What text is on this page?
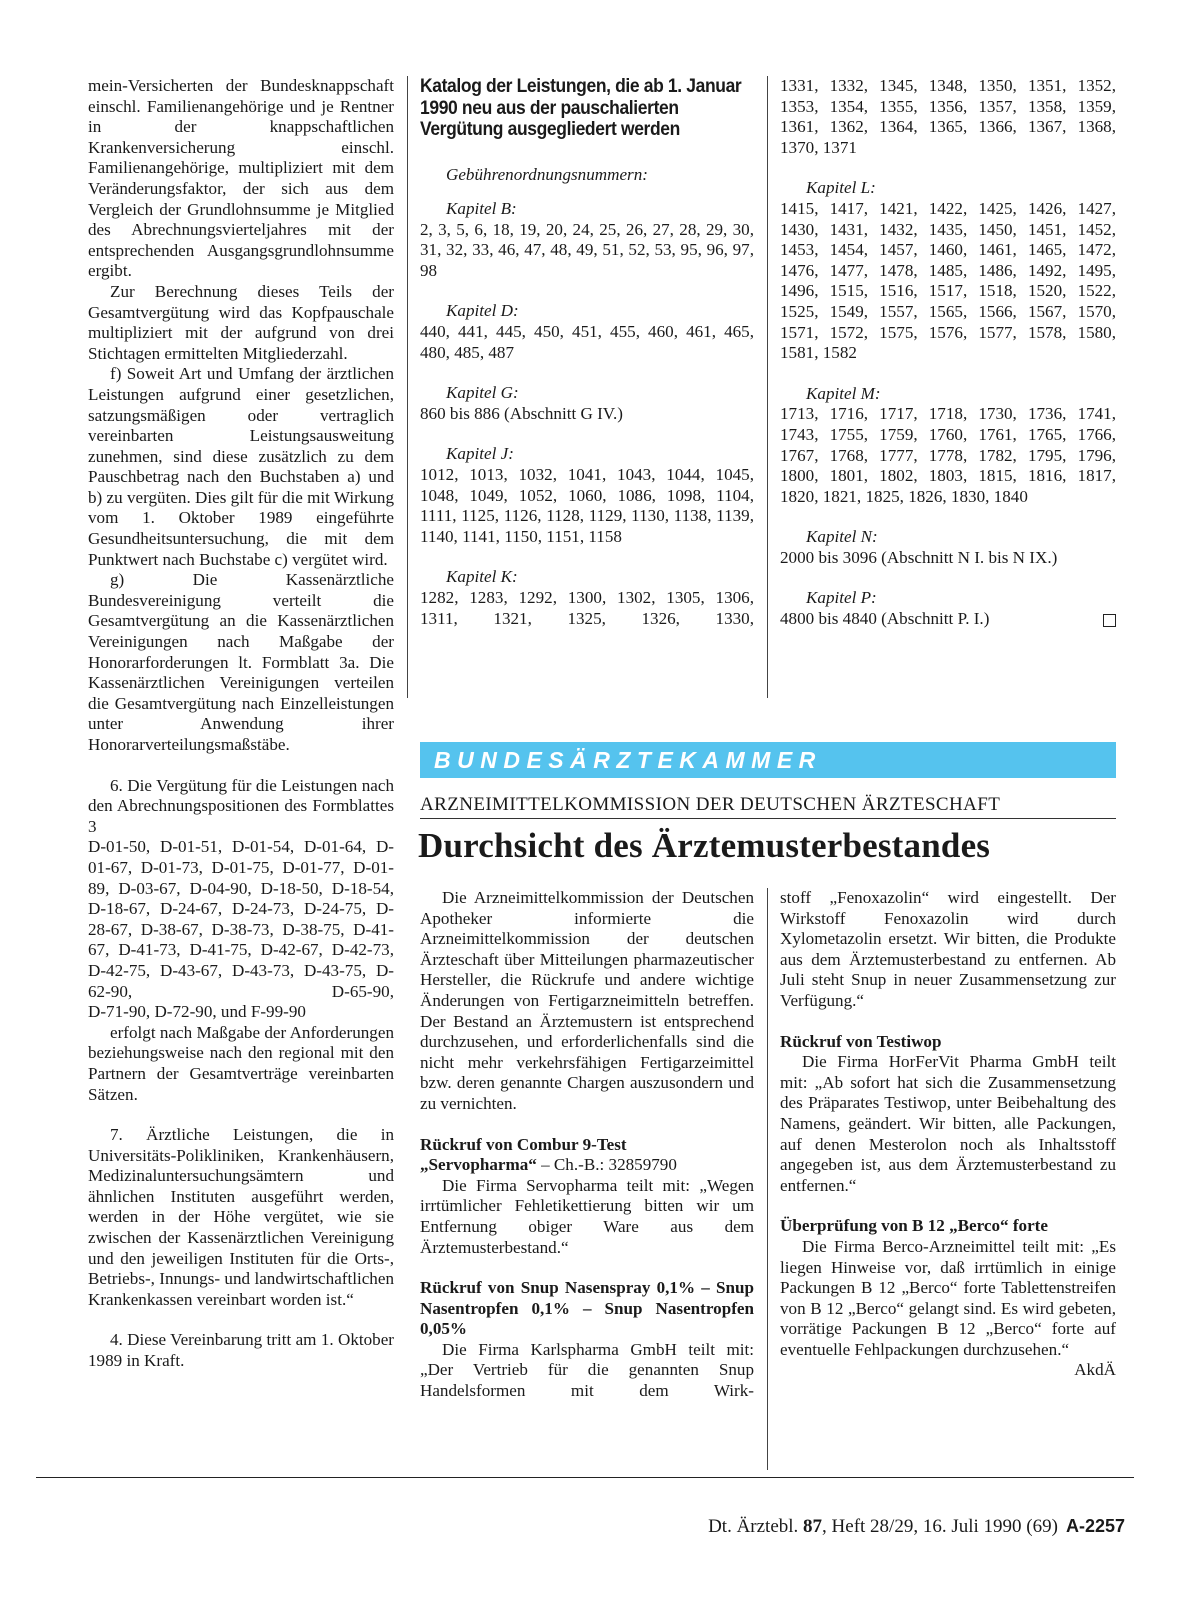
mein-Versicherten der Bundesknappschaft einschl. Familienangehörige und je Rentner in der knappschaftlichen Krankenversicherung einschl. Familienangehörige, multipliziert mit dem Veränderungsfaktor, der sich aus dem Vergleich der Grundlohnsumme je Mitglied des Abrechnungsvierteljahres mit der entsprechenden Ausgangsgrundlohnsumme ergibt.

Zur Berechnung dieses Teils der Gesamtvergütung wird das Kopfpauschale multipliziert mit der aufgrund von drei Stichtagen ermittelten Mitgliederzahl.

f) Soweit Art und Umfang der ärztlichen Leistungen aufgrund einer gesetzlichen, satzungsmäßigen oder vertraglich vereinbarten Leistungsausweitung zunehmen, sind diese zusätzlich zu dem Pauschbetrag nach den Buchstaben a) und b) zu vergüten. Dies gilt für die mit Wirkung vom 1. Oktober 1989 eingeführte Gesundheitsuntersuchung, die mit dem Punktwert nach Buchstabe c) vergütet wird.

g) Die Kassenärztliche Bundesvereinigung verteilt die Gesamtvergütung an die Kassenärztlichen Vereinigungen nach Maßgabe der Honorarforderungen lt. Formblatt 3a. Die Kassenärztlichen Vereinigungen verteilen die Gesamtvergütung nach Einzelleistungen unter Anwendung ihrer Honorarverteilungsmaßstäbe.

6. Die Vergütung für die Leistungen nach den Abrechnungspositionen des Formblattes 3

D-01-50, D-01-51, D-01-54, D-01-64, D-01-67, D-01-73, D-01-75, D-01-77, D-01-89, D-03-67, D-04-90, D-18-50, D-18-54, D-18-67, D-24-67, D-24-73, D-24-75, D-28-67, D-38-67, D-38-73, D-38-75, D-41-67, D-41-73, D-41-75, D-42-67, D-42-73, D-42-75, D-43-67, D-43-73, D-43-75, D-62-90, D-65-90,

D-71-90, D-72-90, und F-99-90

erfolgt nach Maßgabe der Anforderungen beziehungsweise nach den regional mit den Partnern der Gesamtverträge vereinbarten Sätzen.

7. Ärztliche Leistungen, die in Universitäts-Polikliniken, Krankenhäusern, Medizinaluntersuchungsämtern und ähnlichen Instituten ausgeführt werden, werden in der Höhe vergütet, wie sie zwischen der Kassenärztlichen Vereinigung und den jeweiligen Instituten für die Orts-, Betriebs-, Innungs- und landwirtschaftlichen Krankenkassen vereinbart worden ist.“

4. Diese Vereinbarung tritt am 1. Oktober 1989 in Kraft.

Katalog der Leistungen, die ab 1. Januar 1990 neu aus der pauschalierten Vergütung ausgegliedert werden

Gebührenordnungsnummern:

Kapitel B:

2, 3, 5, 6, 18, 19, 20, 24, 25, 26, 27, 28, 29, 30, 31, 32, 33, 46, 47, 48, 49, 51, 52, 53, 95, 96, 97, 98

Kapitel D:

440, 441, 445, 450, 451, 455, 460, 461, 465, 480, 485, 487

Kapitel G:

860 bis 886 (Abschnitt G IV.)

Kapitel J:

1012, 1013, 1032, 1041, 1043, 1044, 1045, 1048, 1049, 1052, 1060, 1086, 1098, 1104, 1111, 1125, 1126, 1128, 1129, 1130, 1138, 1139, 1140, 1141, 1150, 1151, 1158

Kapitel K:

1282, 1283, 1292, 1300, 1302, 1305, 1306, 1311, 1321, 1325, 1326, 1330,

1331, 1332, 1345, 1348, 1350, 1351, 1352, 1353, 1354, 1355, 1356, 1357, 1358, 1359, 1361, 1362, 1364, 1365, 1366, 1367, 1368, 1370, 1371

Kapitel L:

1415, 1417, 1421, 1422, 1425, 1426, 1427, 1430, 1431, 1432, 1435, 1450, 1451, 1452, 1453, 1454, 1457, 1460, 1461, 1465, 1472, 1476, 1477, 1478, 1485, 1486, 1492, 1495, 1496, 1515, 1516, 1517, 1518, 1520, 1522, 1525, 1549, 1557, 1565, 1566, 1567, 1570, 1571, 1572, 1575, 1576, 1577, 1578, 1580, 1581, 1582

Kapitel M:

1713, 1716, 1717, 1718, 1730, 1736, 1741, 1743, 1755, 1759, 1760, 1761, 1765, 1766, 1767, 1768, 1777, 1778, 1782, 1795, 1796, 1800, 1801, 1802, 1803, 1815, 1816, 1817, 1820, 1821, 1825, 1826, 1830, 1840

Kapitel N:

2000 bis 3096 (Abschnitt N I. bis N IX.)

Kapitel P:

4800 bis 4840 (Abschnitt P. I.)

BUNDESÄRZTEKAMMER
ARZNEIMITTELKOMMISSION DER DEUTSCHEN ÄRZTESCHAFT
Durchsicht des Ärztemusterbestandes

Die Arzneimittelkommission der Deutschen Apotheker informierte die Arzneimittelkommission der deutschen Ärzteschaft über Mitteilungen pharmazeutischer Hersteller, die Rückrufe und andere wichtige Änderungen von Fertigarzneimitteln betreffen. Der Bestand an Ärztemustern ist entsprechend durchzusehen, und erforderlichenfalls sind die nicht mehr verkehrsfähigen Fertigarzeimittel bzw. deren genannte Chargen auszusondern und zu vernichten.

Rückruf von Combur 9-Test

„Servopharma“ – Ch.-B.: 32859790

Die Firma Servopharma teilt mit: „Wegen irrtümlicher Fehletikettierung bitten wir um Entfernung obiger Ware aus dem Ärztemusterbestand.“

Rückruf von Snup Nasenspray 0,1% – Snup Nasentropfen 0,1% – Snup Nasentropfen 0,05%

Die Firma Karlspharma GmbH teilt mit: „Der Vertrieb für die genannten Snup Handelsformen mit dem Wirk-

stoff „Fenoxazolin“ wird eingestellt. Der Wirkstoff Fenoxazolin wird durch Xylometazolin ersetzt. Wir bitten, die Produkte aus dem Ärztemusterbestand zu entfernen. Ab Juli steht Snup in neuer Zusammensetzung zur Verfügung.“

Rückruf von Testiwop

Die Firma HorFerVit Pharma GmbH teilt mit: „Ab sofort hat sich die Zusammensetzung des Präparates Testiwop, unter Beibehaltung des Namens, geändert. Wir bitten, alle Packungen, auf denen Mesterolon noch als Inhaltsstoff angegeben ist, aus dem Ärztemusterbestand zu entfernen.“

Überprüfung von B 12 „Berco“ forte

Die Firma Berco-Arzneimittel teilt mit: „Es liegen Hinweise vor, daß irrtümlich in einige Packungen B 12 „Berco“ forte Tablettenstreifen von B 12 „Berco“ gelangt sind. Es wird gebeten, vorrätige Packungen B 12 „Berco“ forte auf eventuelle Fehlpackungen durchzusehen.“
AkdÄ

Dt. Ärztebl. 87, Heft 28/29, 16. Juli 1990 (69) A-2257
